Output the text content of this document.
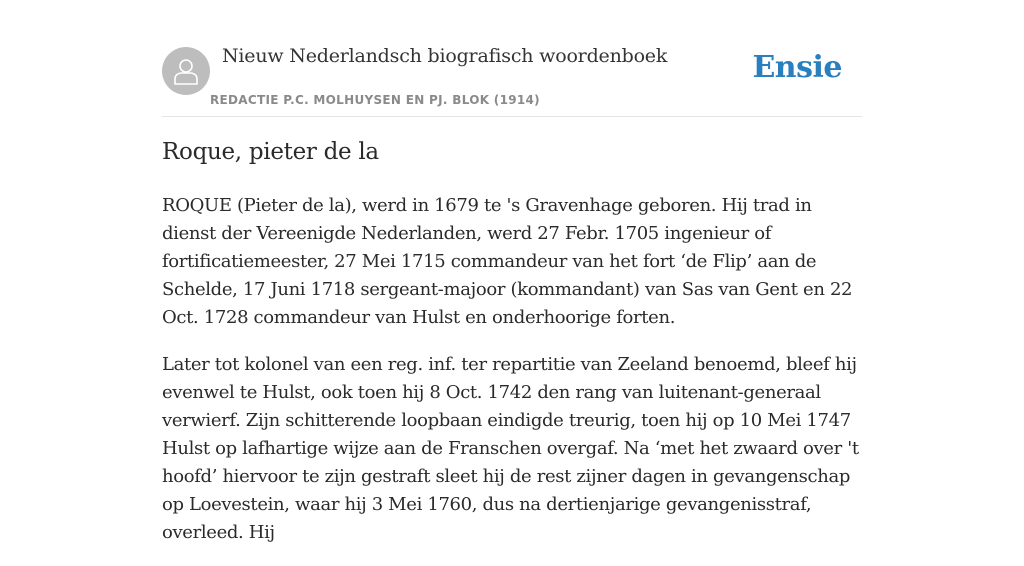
Nieuw Nederlandsch biografisch woordenboek
REDACTIE P.C. MOLHUYSEN EN PJ. BLOK (1914)
Ensie
Roque, pieter de la

ROQUE (Pieter de la), werd in 1679 te 's Gravenhage geboren. Hij trad in dienst der Vereenigde Nederlanden, werd 27 Febr. 1705 ingenieur of fortificatiemeester, 27 Mei 1715 commandeur van het fort ‘de Flip’ aan de Schelde, 17 Juni 1718 sergeant-majoor (kommandant) van Sas van Gent en 22 Oct. 1728 commandeur van Hulst en onderhoorige forten.

Later tot kolonel van een reg. inf. ter repartitie van Zeeland benoemd, bleef hij evenwel te Hulst, ook toen hij 8 Oct. 1742 den rang van luitenant-generaal verwierf. Zijn schitterende loopbaan eindigde treurig, toen hij op 10 Mei 1747 Hulst op lafhartige wijze aan de Franschen overgaf. Na ‘met het zwaard over 't hoofd’ hiervoor te zijn gestraft sleet hij de rest zijner dagen in gevangenschap op Loevestein, waar hij 3 Mei 1760, dus na dertienjarige gevangenisstraf, overleed. Hij
